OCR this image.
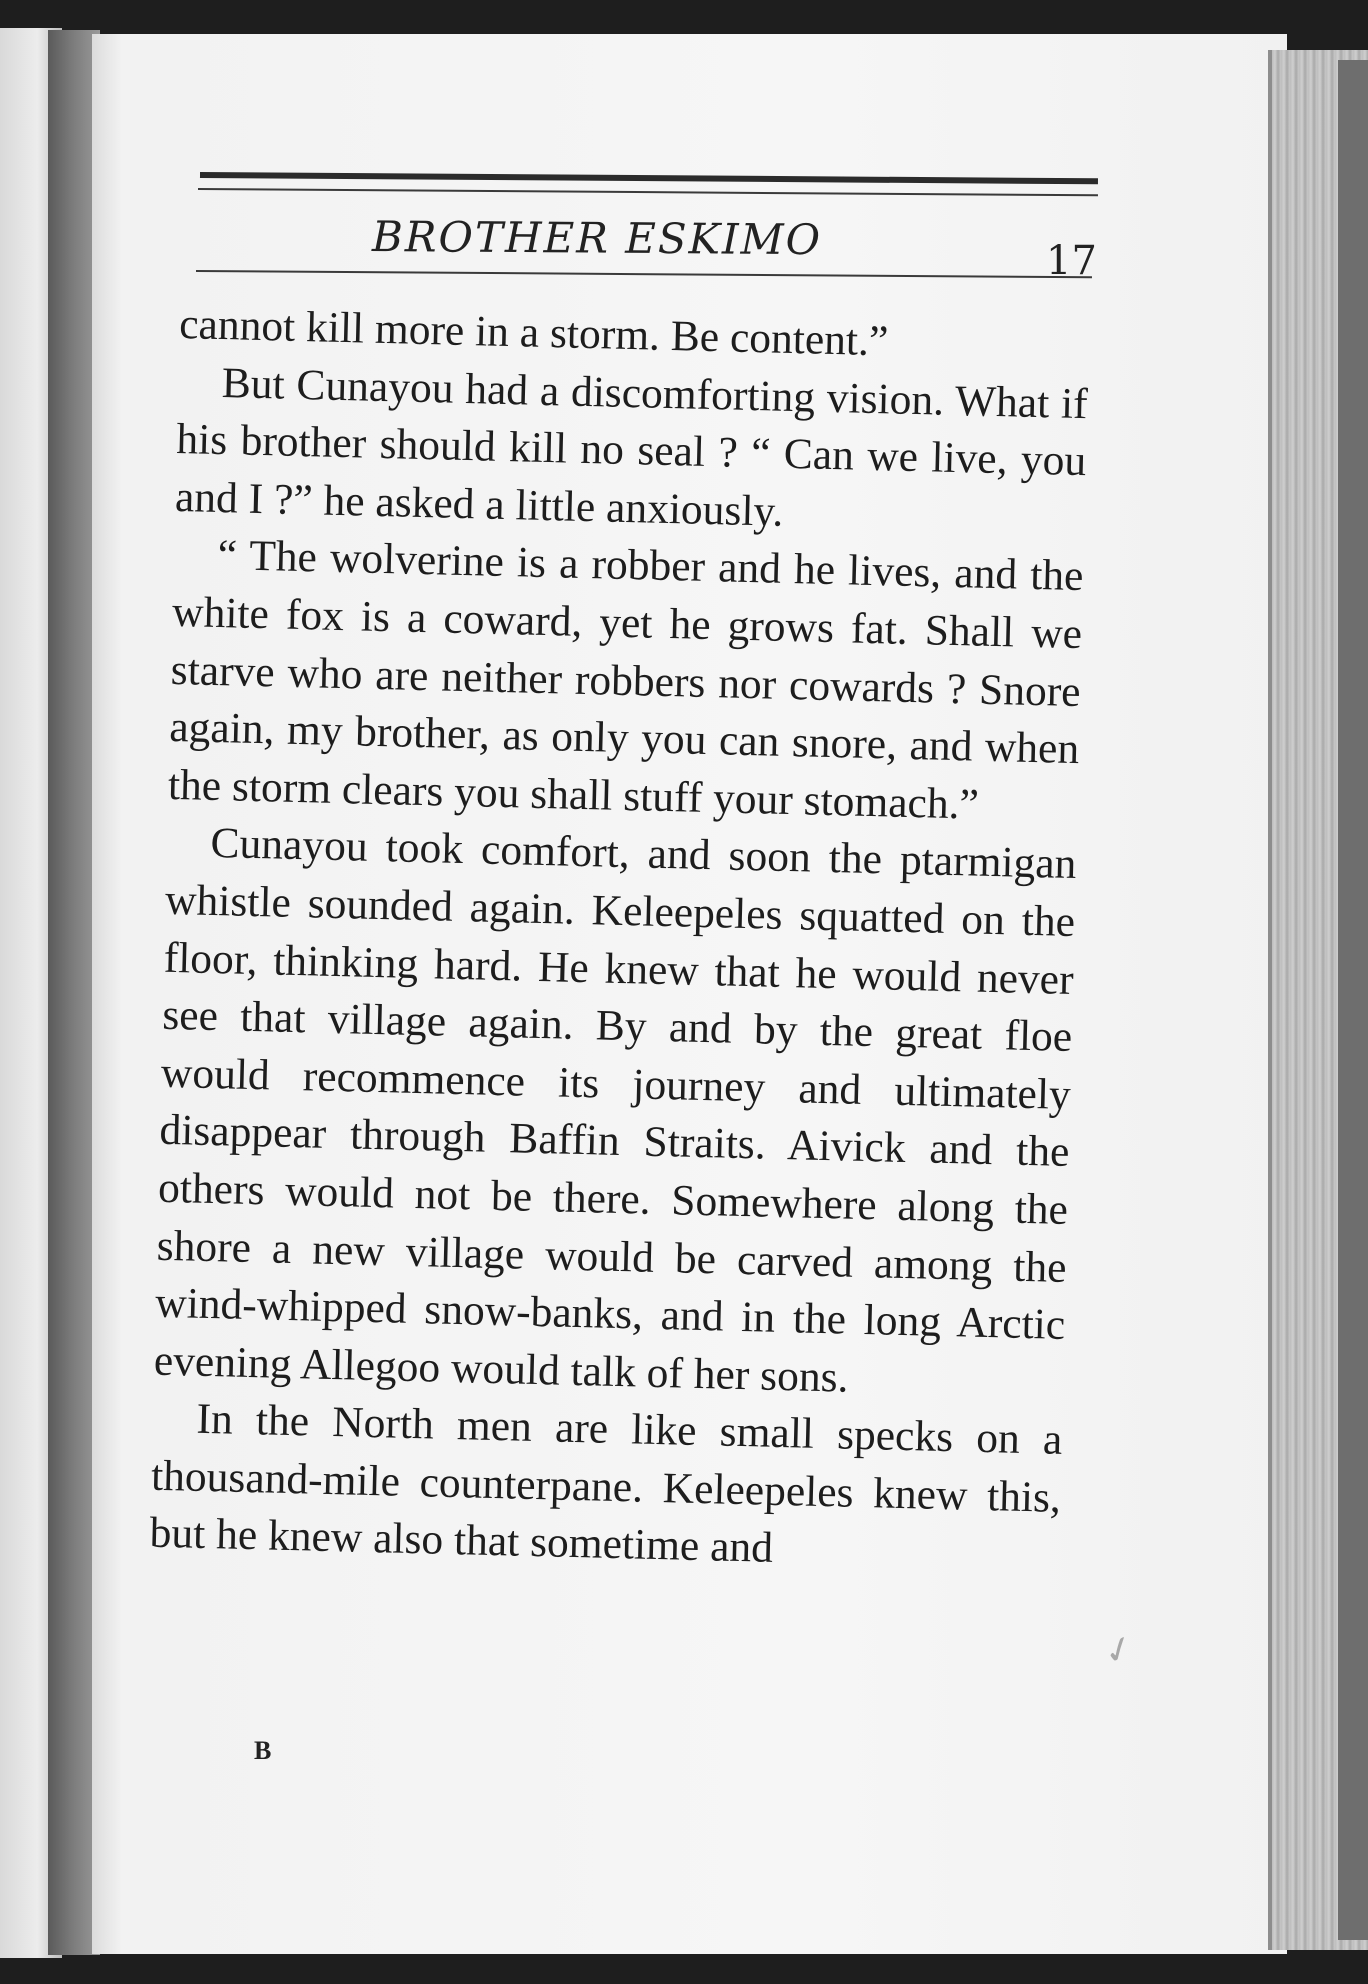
BROTHER ESKIMO	17

cannot kill more in a storm. Be content.”

But Cunayou had a discomforting vision. What if his brother should kill no seal ? “ Can we live, you and I ?” he asked a little anxiously.

“ The wolverine is a robber and he lives, and the white fox is a coward, yet he grows fat. Shall we starve who are neither robbers nor cowards ? Snore again, my brother, as only you can snore, and when the storm clears you shall stuff your stomach.”

Cunayou took comfort, and soon the ptarmigan whistle sounded again. Keleepeles squatted on the floor, thinking hard. He knew that he would never see that village again. By and by the great floe would recommence its journey and ultimately disappear through Baffin Straits. Aivick and the others would not be there. Somewhere along the shore a new village would be carved among the wind-whipped snow-banks, and in the long Arctic evening Allegoo would talk of her sons.

In the North men are like small specks on a thousand-mile counterpane. Keleepeles knew this, but he knew also that sometime and

B
✓
